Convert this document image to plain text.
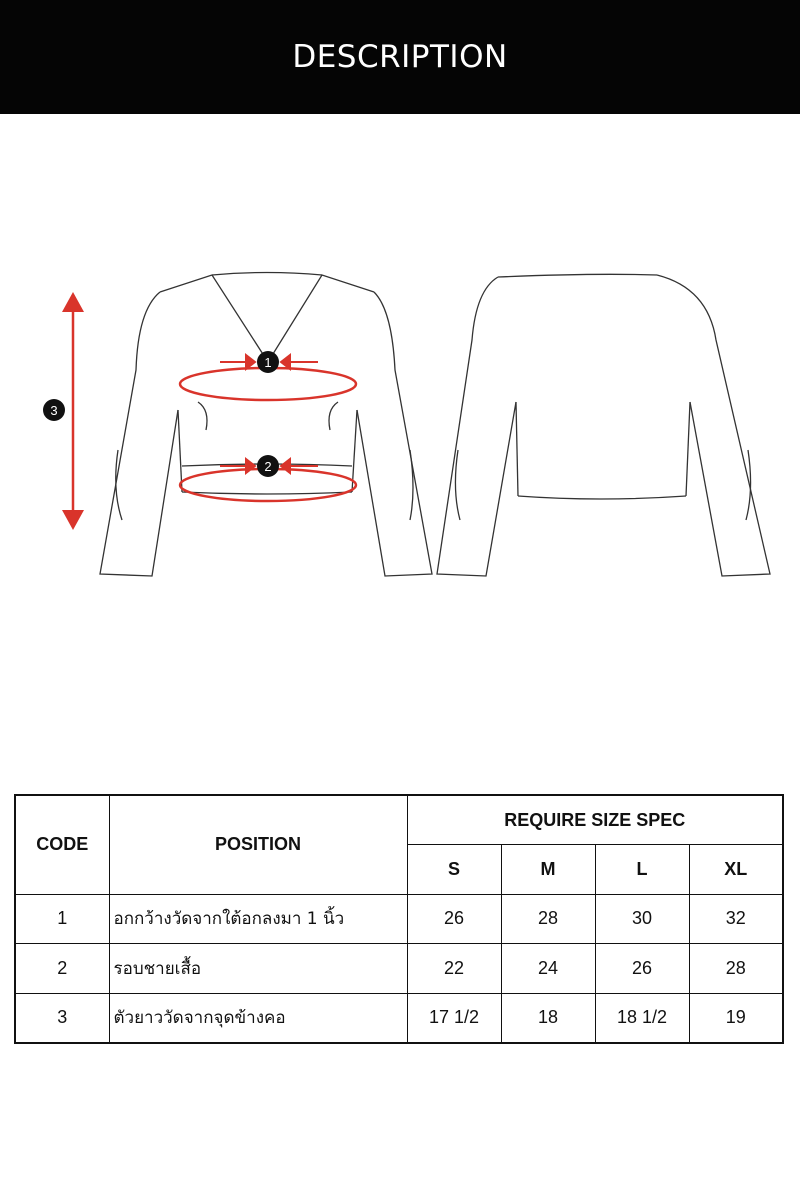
DESCRIPTION
1
2
3
CODE	POSITION	REQUIRE SIZE SPEC			
		S	M	L	XL
1	อกกว้างวัดจากใต้อกลงมา 1 นิ้ว	26	28	30	32
2	รอบชายเสื้อ	22	24	26	28
3	ตัวยาววัดจากจุดข้างคอ	17 1/2	18	18 1/2	19
